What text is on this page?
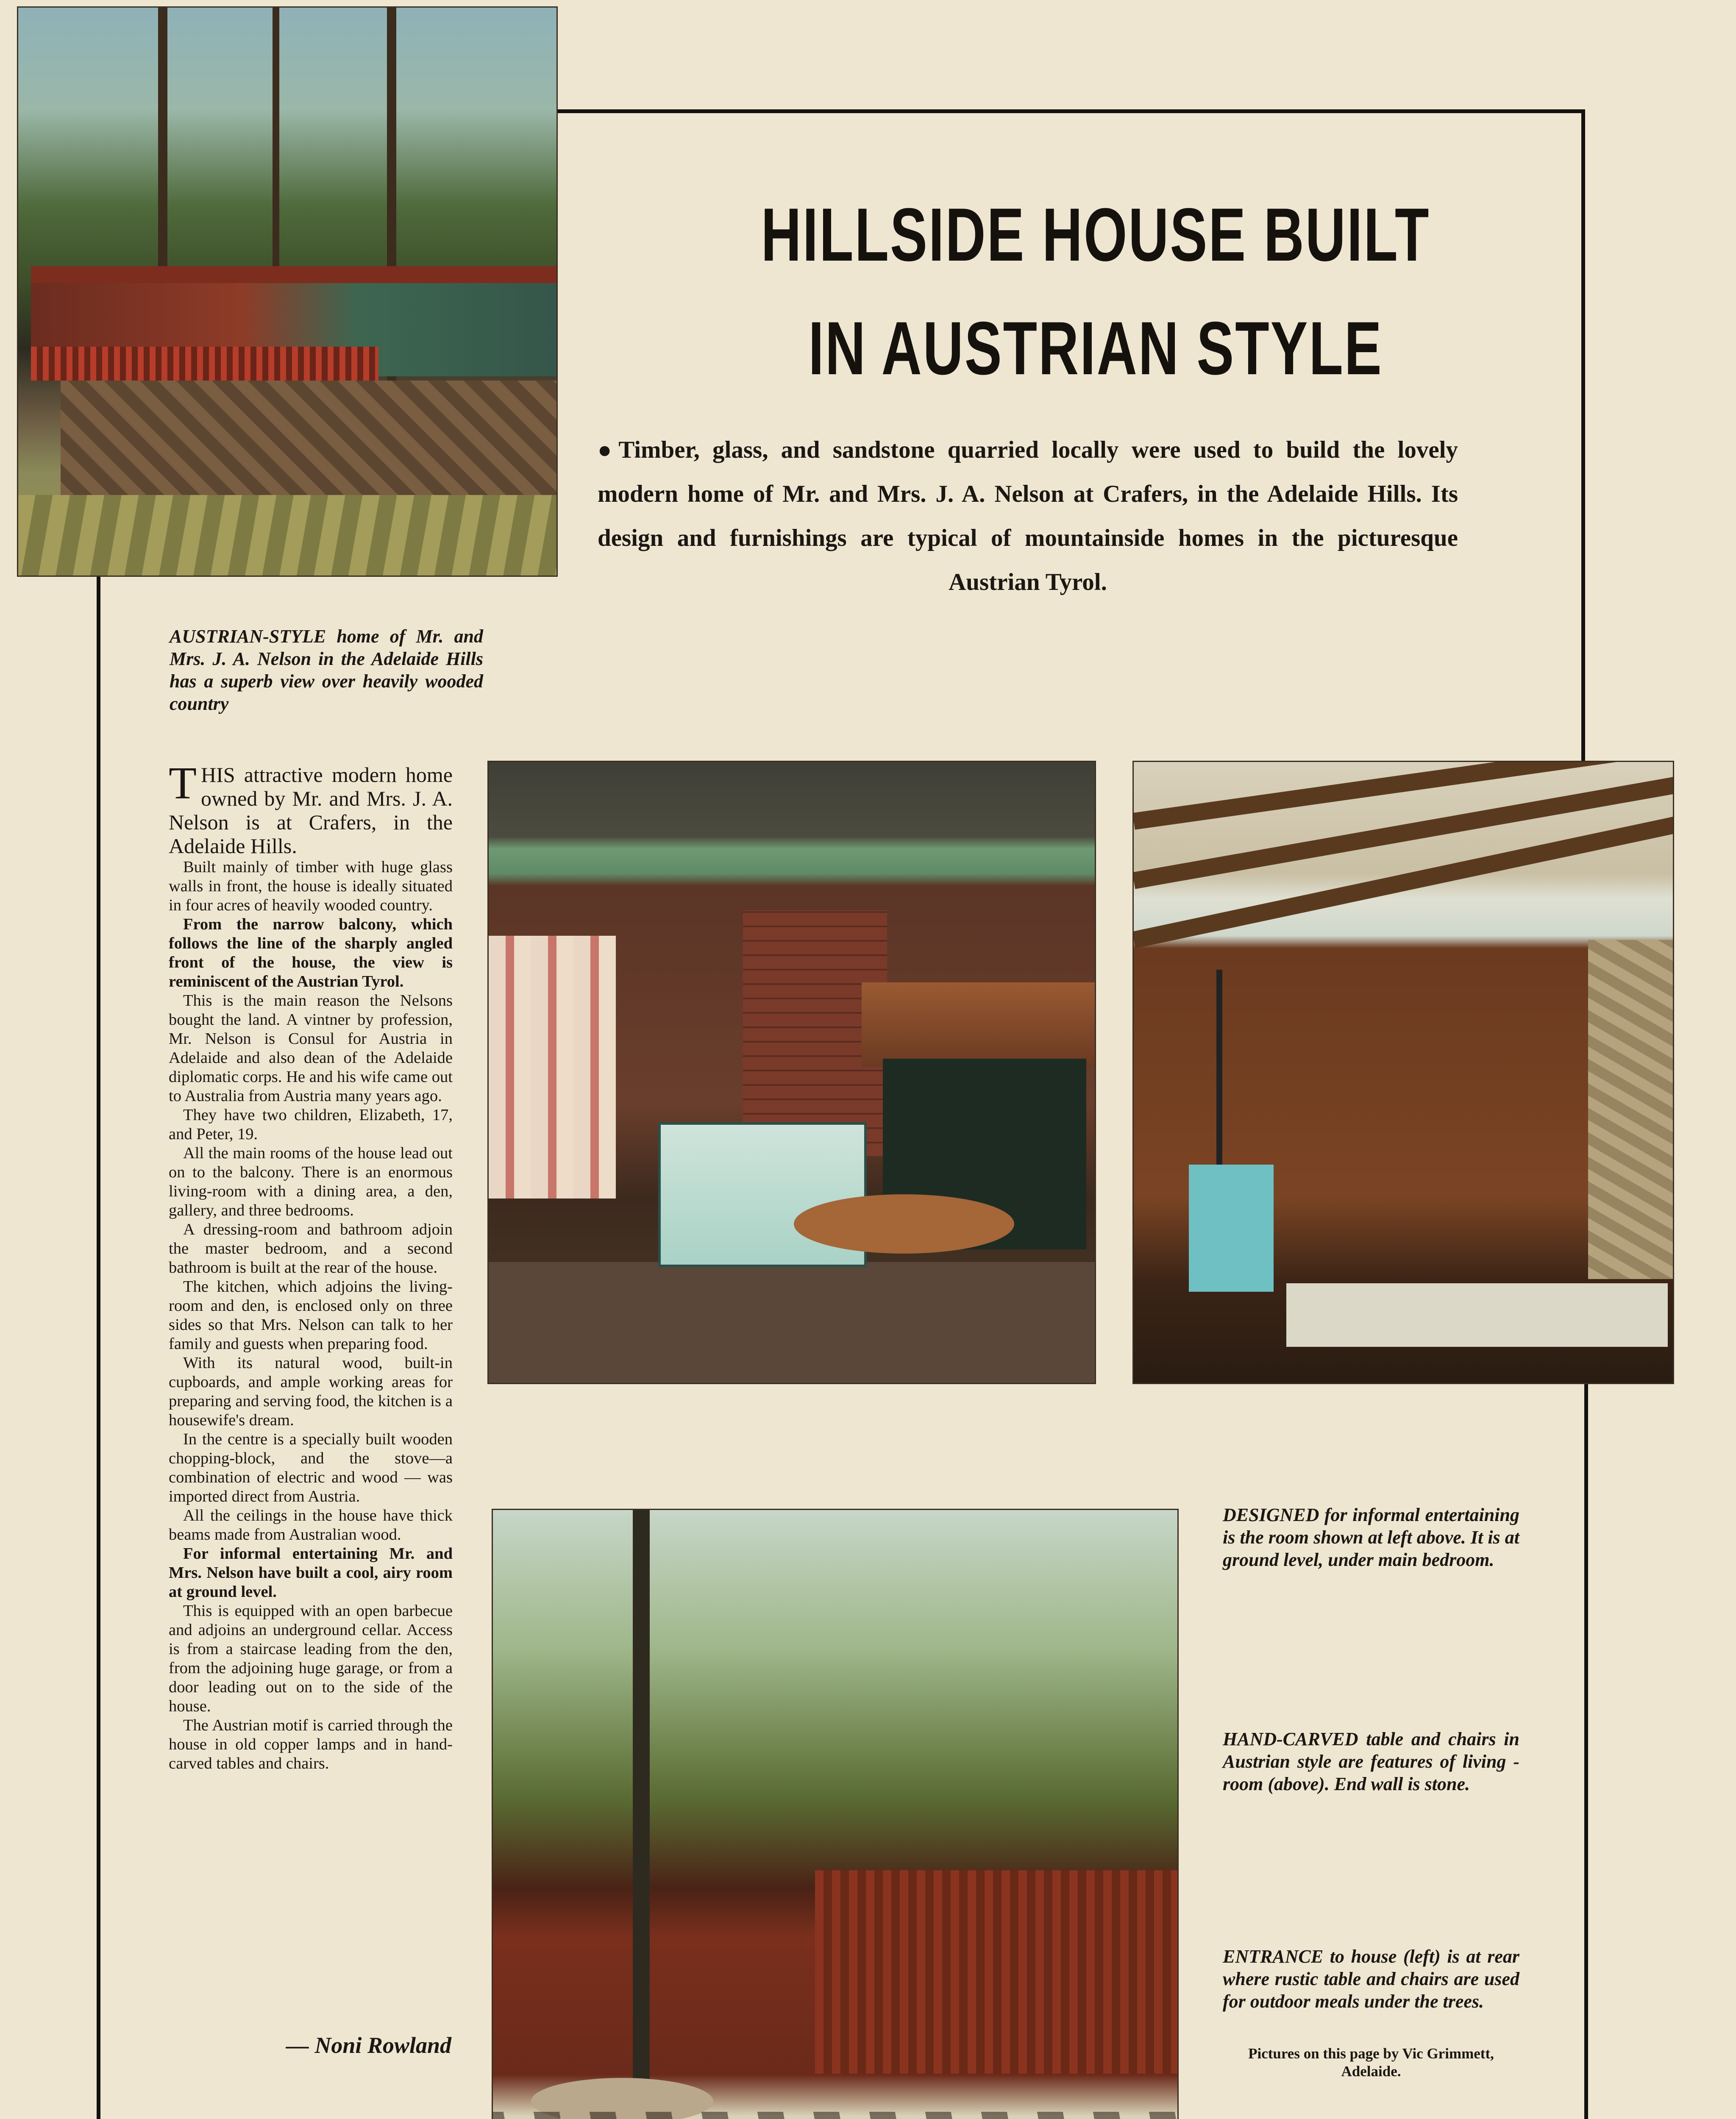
HILLSIDE HOUSE BUILT
IN AUSTRIAN STYLE
● Timber, glass, and sandstone quarried locally were used to build the lovely modern home of Mr. and Mrs. J. A. Nelson at Crafers, in the Adelaide Hills. Its design and furnishings are typical of mountainside homes in the picturesque Austrian Tyrol.
AUSTRIAN-STYLE home of Mr. and Mrs. J. A. Nelson in the Adelaide Hills has a superb view over heavily wooded country

THIS attractive modern home owned by Mr. and Mrs. J. A. Nelson is at Crafers, in the Adelaide Hills.

Built mainly of timber with huge glass walls in front, the house is ideally situated in four acres of heavily wooded country.

From the narrow balcony, which follows the line of the sharply angled front of the house, the view is reminiscent of the Austrian Tyrol.

This is the main reason the Nelsons bought the land. A vintner by profession, Mr. Nelson is Consul for Austria in Adelaide and also dean of the Adelaide diplomatic corps. He and his wife came out to Australia from Austria many years ago.

They have two children, Elizabeth, 17, and Peter, 19.

All the main rooms of the house lead out on to the balcony. There is an enormous living-room with a dining area, a den, gallery, and three bedrooms.

A dressing-room and bathroom adjoin the master bedroom, and a second bathroom is built at the rear of the house.

The kitchen, which adjoins the living-room and den, is enclosed only on three sides so that Mrs. Nelson can talk to her family and guests when preparing food.

With its natural wood, built-in cupboards, and ample working areas for preparing and serving food, the kitchen is a housewife's dream.

In the centre is a specially built wooden chopping-block, and the stove—a combination of electric and wood — was imported direct from Austria.

All the ceilings in the house have thick beams made from Australian wood.

For informal entertaining Mr. and Mrs. Nelson have built a cool, airy room at ground level.

This is equipped with an open barbecue and adjoins an underground cellar. Access is from a staircase leading from the den, from the adjoining huge garage, or from a door leading out on to the side of the house.

The Austrian motif is carried through the house in old copper lamps and in hand-carved tables and chairs.

— Noni Rowland
DESIGNED for informal entertaining is the room shown at left above. It is at ground level, under main bedroom.
HAND-CARVED table and chairs in Austrian style are features of living - room (above). End wall is stone.
ENTRANCE to house (left) is at rear where rustic table and chairs are used for outdoor meals under the trees.
Pictures on this page by Vic Grimmett, Adelaide.
